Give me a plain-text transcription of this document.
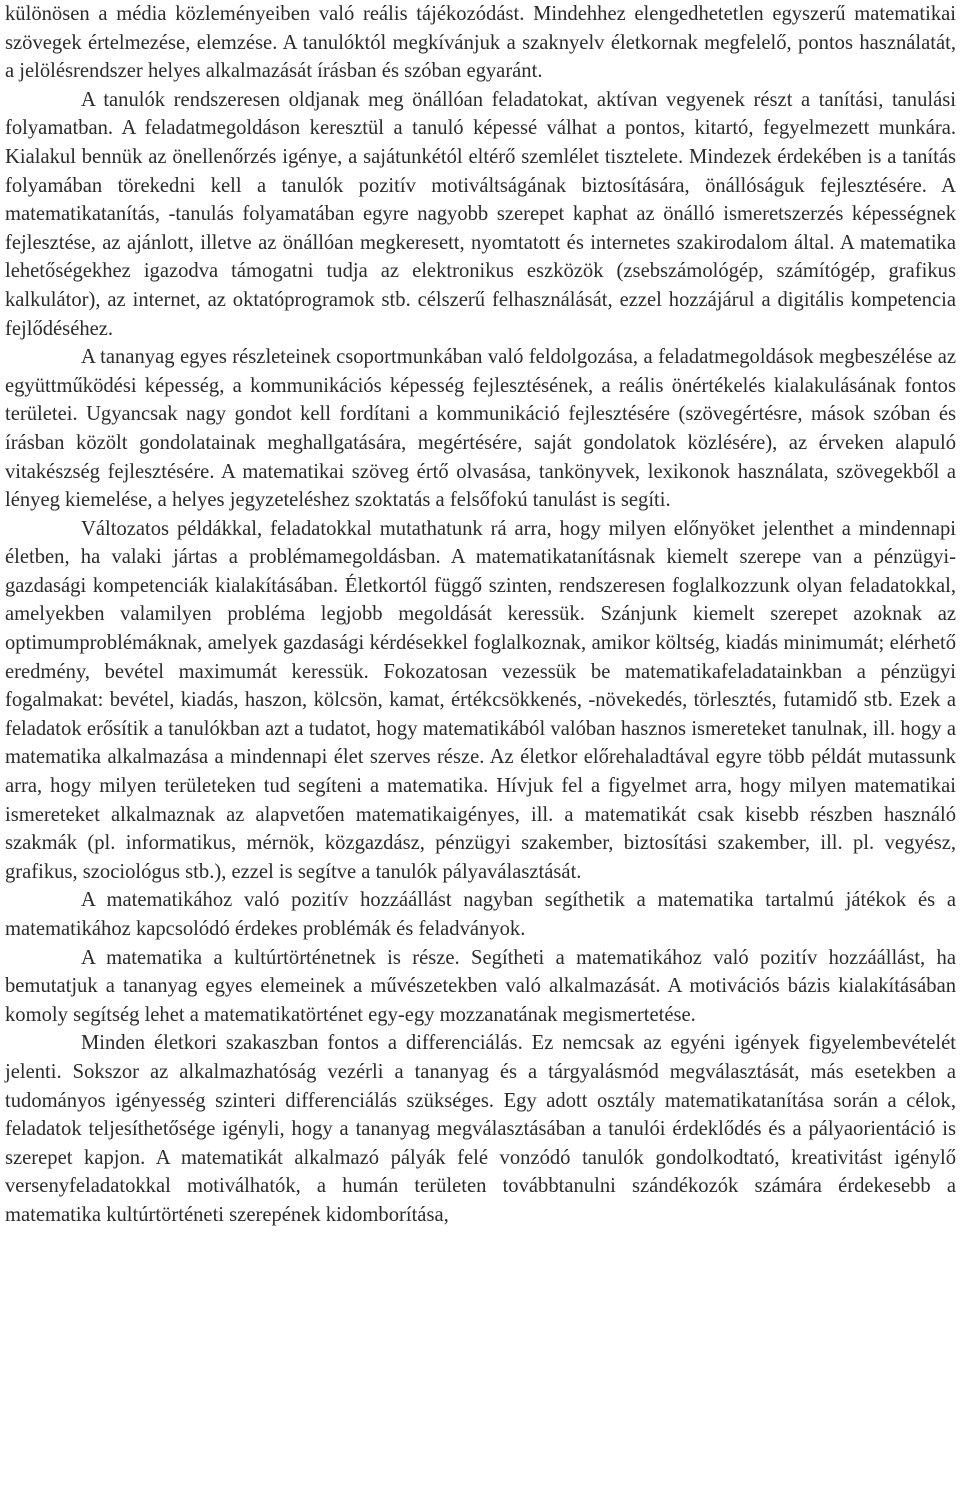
különösen a média közleményeiben való reális tájékozódást. Mindehhez elengedhetetlen egyszerű matematikai szövegek értelmezése, elemzése. A tanulóktól megkívánjuk a szaknyelv életkornak megfelelő, pontos használatát, a jelölésrendszer helyes alkalmazását írásban és szóban egyaránt.

A tanulók rendszeresen oldjanak meg önállóan feladatokat, aktívan vegyenek részt a tanítási, tanulási folyamatban. A feladatmegoldáson keresztül a tanuló képessé válhat a pontos, kitartó, fegyelmezett munkára. Kialakul bennük az önellenőrzés igénye, a sajátunkétól eltérő szemlélet tisztelete. Mindezek érdekében is a tanítás folyamában törekedni kell a tanulók pozitív motiváltságának biztosítására, önállóságuk fejlesztésére. A matematikatanítás, -tanulás folyamatában egyre nagyobb szerepet kaphat az önálló ismeretszerzés képességnek fejlesztése, az ajánlott, illetve az önállóan megkeresett, nyomtatott és internetes szakirodalom által. A matematika lehetőségekhez igazodva támogatni tudja az elektronikus eszközök (zsebszámológép, számítógép, grafikus kalkulátor), az internet, az oktatóprogramok stb. célszerű felhasználását, ezzel hozzájárul a digitális kompetencia fejlődéséhez.

A tananyag egyes részleteinek csoportmunkában való feldolgozása, a feladatmegoldások megbeszélése az együttműködési képesség, a kommunikációs képesség fejlesztésének, a reális önértékelés kialakulásának fontos területei. Ugyancsak nagy gondot kell fordítani a kommunikáció fejlesztésére (szövegértésre, mások szóban és írásban közölt gondolatainak meghallgatására, megértésére, saját gondolatok közlésére), az érveken alapuló vitakészség fejlesztésére. A matematikai szöveg értő olvasása, tankönyvek, lexikonok használata, szövegekből a lényeg kiemelése, a helyes jegyzeteléshez szoktatás a felsőfokú tanulást is segíti.

Változatos példákkal, feladatokkal mutathatunk rá arra, hogy milyen előnyöket jelenthet a mindennapi életben, ha valaki jártas a problémamegoldásban. A matematikatanításnak kiemelt szerepe van a pénzügyi-gazdasági kompetenciák kialakításában. Életkortól függő szinten, rendszeresen foglalkozzunk olyan feladatokkal, amelyekben valamilyen probléma legjobb megoldását keressük. Szánjunk kiemelt szerepet azoknak az optimumproblémáknak, amelyek gazdasági kérdésekkel foglalkoznak, amikor költség, kiadás minimumát; elérhető eredmény, bevétel maximumát keressük. Fokozatosan vezessük be matematikafeladatainkban a pénzügyi fogalmakat: bevétel, kiadás, haszon, kölcsön, kamat, értékcsökkenés, -növekedés, törlesztés, futamidő stb. Ezek a feladatok erősítik a tanulókban azt a tudatot, hogy matematikából valóban hasznos ismereteket tanulnak, ill. hogy a matematika alkalmazása a mindennapi élet szerves része. Az életkor előrehaladtával egyre több példát mutassunk arra, hogy milyen területeken tud segíteni a matematika. Hívjuk fel a figyelmet arra, hogy milyen matematikai ismereteket alkalmaznak az alapvetően matematikaigényes, ill. a matematikát csak kisebb részben használó szakmák (pl. informatikus, mérnök, közgazdász, pénzügyi szakember, biztosítási szakember, ill. pl. vegyész, grafikus, szociológus stb.), ezzel is segítve a tanulók pályaválasztását.

A matematikához való pozitív hozzáállást nagyban segíthetik a matematika tartalmú játékok és a matematikához kapcsolódó érdekes problémák és feladványok.

A matematika a kultúrtörténetnek is része. Segítheti a matematikához való pozitív hozzáállást, ha bemutatjuk a tananyag egyes elemeinek a művészetekben való alkalmazását. A motivációs bázis kialakításában komoly segítség lehet a matematikatörténet egy-egy mozzanatának megismertetése.

Minden életkori szakaszban fontos a differenciálás. Ez nemcsak az egyéni igények figyelembevételét jelenti. Sokszor az alkalmazhatóság vezérli a tananyag és a tárgyalásmód megválasztását, más esetekben a tudományos igényesség szinteri differenciálás szükséges. Egy adott osztály matematikatanítása során a célok, feladatok teljesíthetősége igényli, hogy a tananyag megválasztásában a tanulói érdeklődés és a pályaorientáció is szerepet kapjon. A matematikát alkalmazó pályák felé vonzódó tanulók gondolkodtató, kreativitást igénylő versenyfeladatokkal motiválhatók, a humán területen továbbtanulni szándékozók számára érdekesebb a matematika kultúrtörténeti szerepének kidomborítása,
